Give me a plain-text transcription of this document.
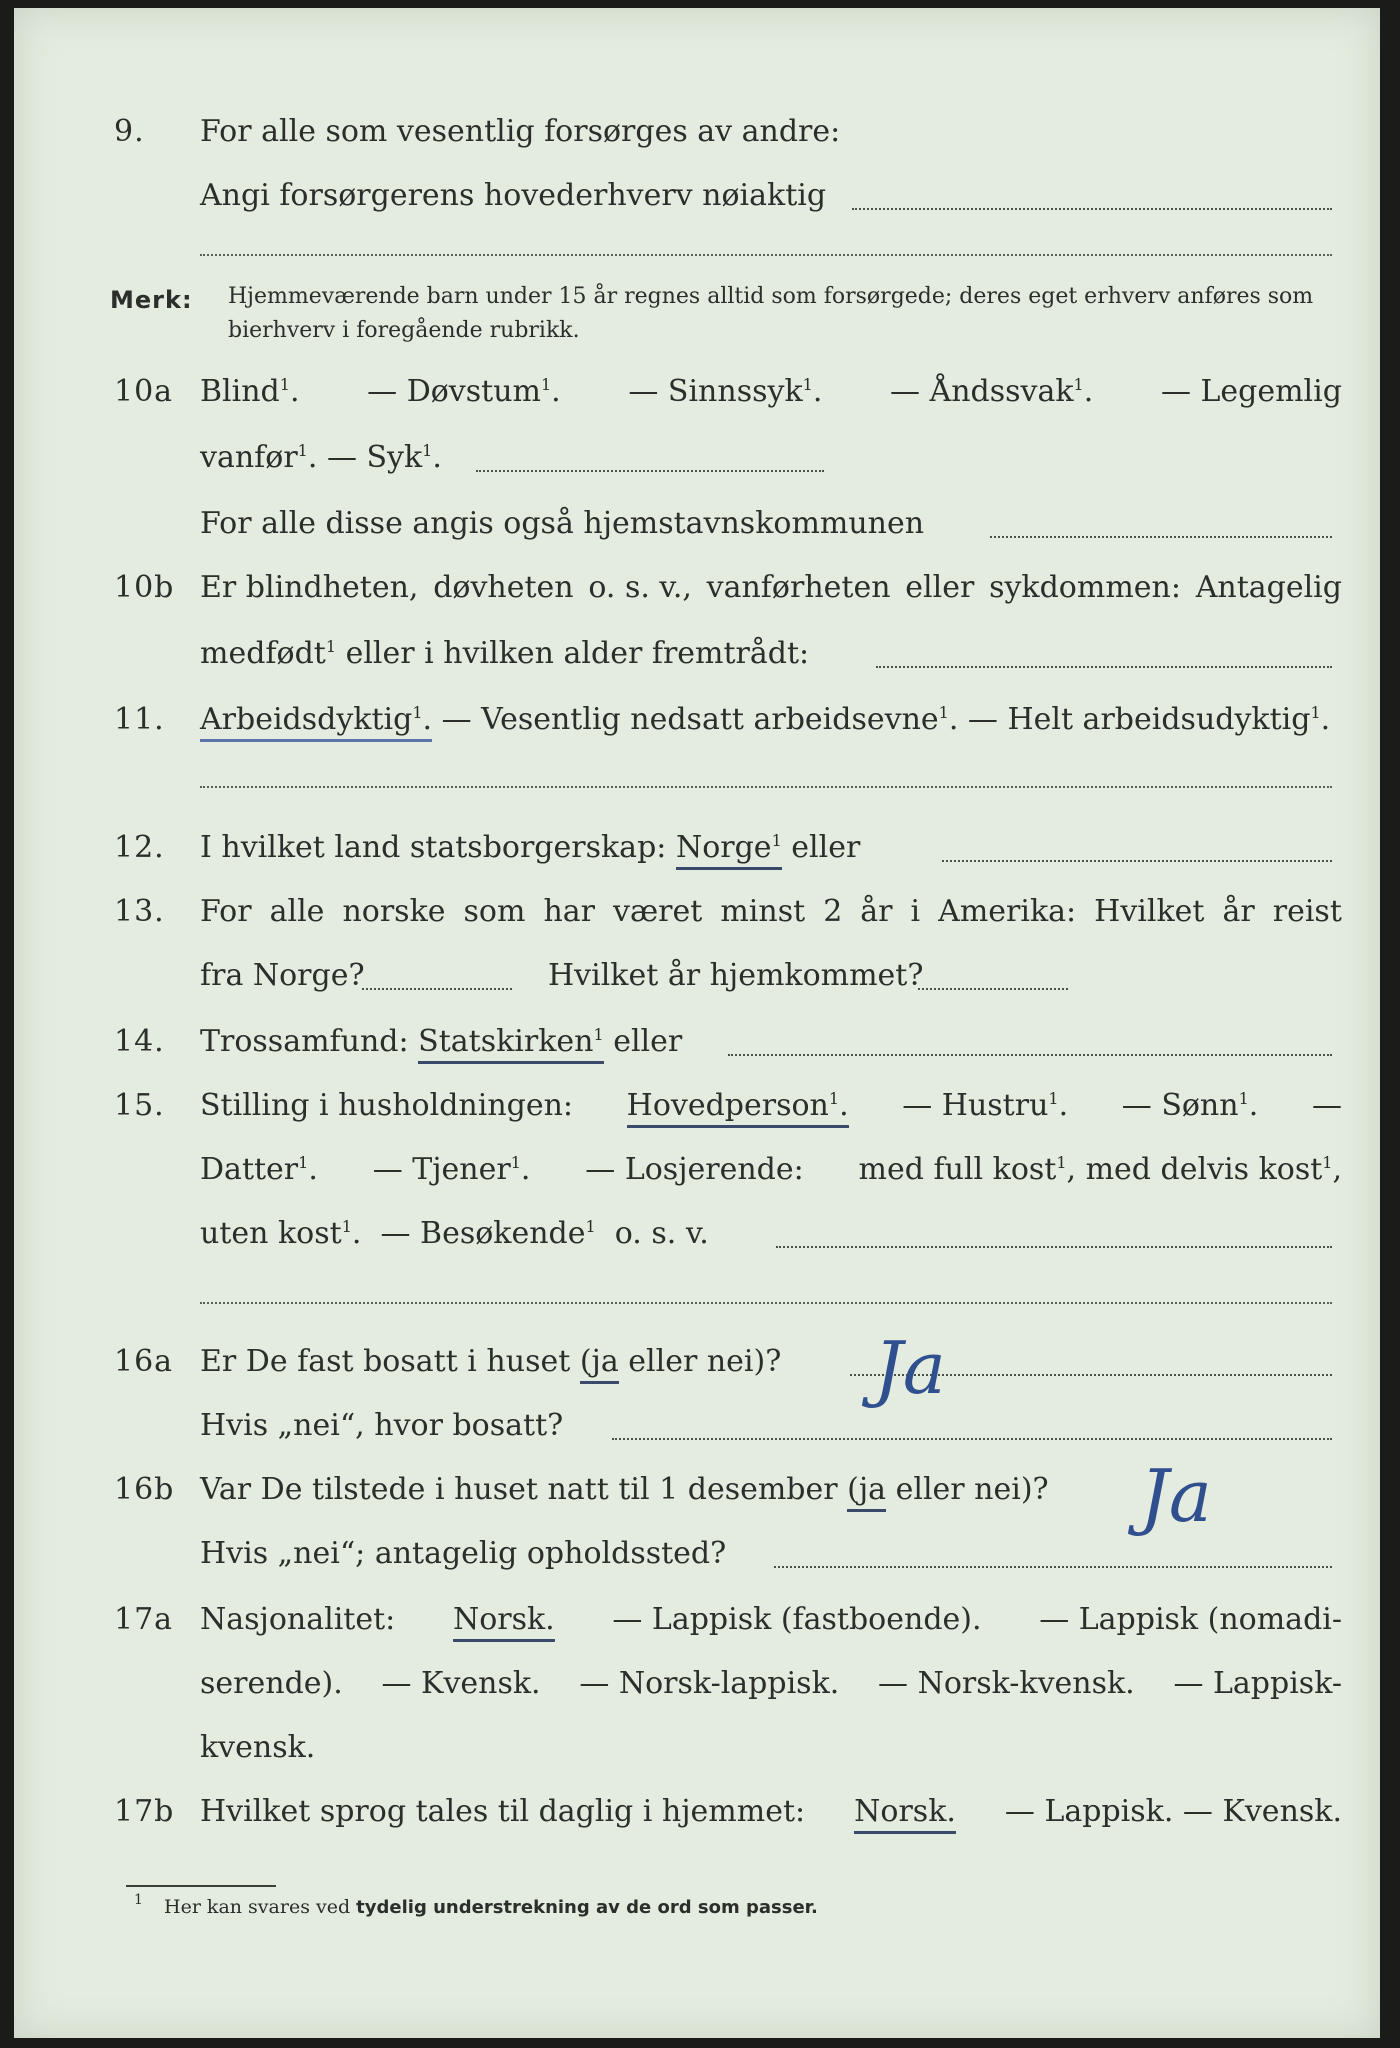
9. For alle som vesentlig forsørges av andre:
Angi forsørgerens hovederhverv nøiaktig
Merk: Hjemmeværende barn under 15 år regnes alltid som forsørgede; deres eget erhverv anføres som bierhverv i foregående rubrikk.
10a Blind$^1$. — Døvstum$^1$. — Sinnssyk$^1$. — Åndssvak$^1$. — Legemlig
vanfør$^1$. — Syk$^1$.
For alle disse angis også hjemstavnskommunen
10b Er blindheten, døvheten o. s. v., vanførheten eller sykdommen: Antagelig
medfødt$^1$ eller i hvilken alder fremtrådt:
11. Arbeidsdyktig$^1$. — Vesentlig nedsatt arbeidsevne$^1$. — Helt arbeidsudyktig$^1$.
12. I hvilket land statsborgerskap: Norge$^1$ eller
13. For alle norske som har været minst 2 år i Amerika: Hvilket år reist
fra Norge?	Hvilket år hjemkommet?
14. Trossamfund: Statskirken$^1$ eller
15. Stilling i husholdningen: Hovedperson$^1$. — Hustru$^1$. — Sønn$^1$. —
Datter$^1$. — Tjener$^1$. — Losjerende: med full kost$^1$, med delvis kost$^1$,
uten kost$^1$.  — Besøkende$^1$ o. s. v.
16a Er De fast bosatt i huset (ja eller nei)? Ja
Hvis „nei“, hvor bosatt?
16b Var De tilstede i huset natt til 1 desember (ja eller nei)? Ja
Hvis „nei“; antagelig opholdssted?
17a Nasjonalitet: Norsk. — Lappisk (fastboende). — Lappisk (nomadi-
serende). — Kvensk. — Norsk-lappisk. — Norsk-kvensk. — Lappisk-
kvensk.
17b Hvilket sprog tales til daglig i hjemmet: Norsk. — Lappisk. — Kvensk.
1 Her kan svares ved tydelig understrekning av de ord som passer.
